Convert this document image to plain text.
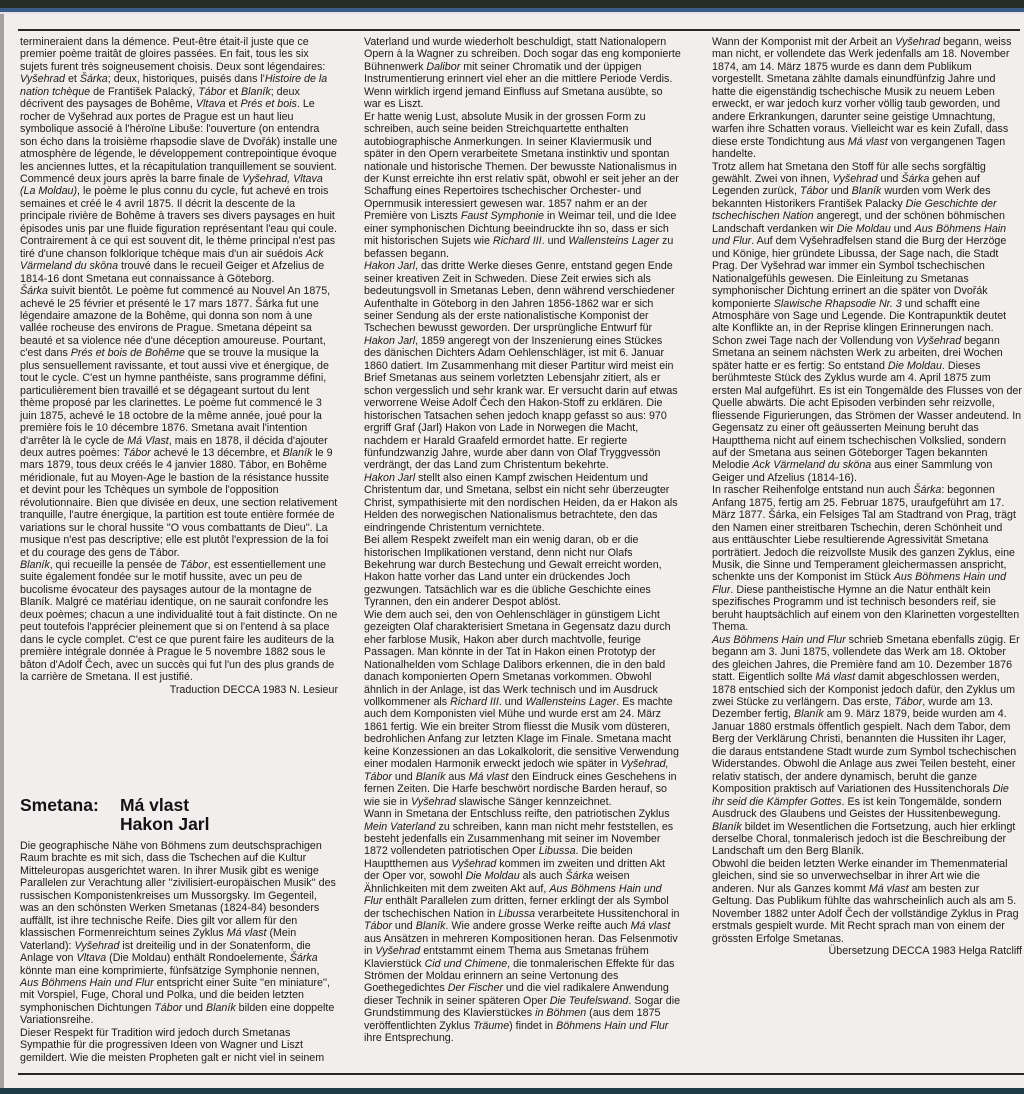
termineraient dans la démence. Peut-être était-il juste que ce premier poème traitât de gloires passées. En fait, tous les six sujets furent très soigneusement choisis. Deux sont légendaires: Vyšehrad et Šárka; deux, historiques, puisés dans l'Histoire de la nation tchèque de František Palacký, Tábor et Blaník; deux décrivent des paysages de Bohême, Vltava et Prés et bois. Le rocher de Vyšehrad aux portes de Prague est un haut lieu symbolique associé à l'héroïne Libuše: l'ouverture (on entendra son écho dans la troisième rhapsodie slave de Dvořák) installe une atmosphère de légende, le développement contrepointique évoque les anciennes luttes, et la récapitulation tranquillement se souvient.

Commencé deux jours après la barre finale de Vyšehrad, Vltava (La Moldau), le poème le plus connu du cycle, fut achevé en trois semaines et créé le 4 avril 1875. Il décrit la descente de la principale rivière de Bohême à travers ses divers paysages en huit épisodes unis par une fluide figuration représentant l'eau qui coule. Contrairement à ce qui est souvent dit, le thème principal n'est pas tiré d'une chanson folklorique tchèque mais d'un air suédois Ack Värmeland du skōna trouvé dans le recueil Geiger et Afzelius de 1814-16 dont Smetana eut connaissance à Göteborg.

Šárka suivit bientôt. Le poème fut commencé au Nouvel An 1875, achevé le 25 février et présenté le 17 mars 1877. Šárka fut une légendaire amazone de la Bohême, qui donna son nom à une vallée rocheuse des environs de Prague. Smetana dépeint sa beauté et sa violence née d'une déception amoureuse. Pourtant, c'est dans Prés et bois de Bohême que se trouve la musique la plus sensuellement ravissante, et tout aussi vive et énergique, de tout le cycle. C'est un hymne panthéiste, sans programme défini, particulièrement bien travaillé et se dégageant surtout du lent thème proposé par les clarinettes. Le poème fut commencé le 3 juin 1875, achevé le 18 octobre de la même année, joué pour la première fois le 10 décembre 1876. Smetana avait l'intention d'arrêter là le cycle de Má Vlast, mais en 1878, il décida d'ajouter deux autres poèmes: Tábor achevé le 13 décembre, et Blaník le 9 mars 1879, tous deux créés le 4 janvier 1880. Tábor, en Bohême méridionale, fut au Moyen-Age le bastion de la résistance hussite et devint pour les Tchèques un symbole de l'opposition révolutionnaire. Bien que divisée en deux, une section relativement tranquille, l'autre énergique, la partition est toute entière formée de variations sur le choral hussite ''O vous combattants de Dieu''. La musique n'est pas descriptive; elle est plutôt l'expression de la foi et du courage des gens de Tábor.

Blaník, qui recueille la pensée de Tábor, est essentiellement une suite également fondée sur le motif hussite, avec un peu de bucolisme évocateur des paysages autour de la montagne de Blaník. Malgré ce matériau identique, on ne saurait confondre les deux poèmes; chacun a une individualité tout à fait distincte. On ne peut toutefois l'apprécier pleinement que si on l'entend à sa place dans le cycle complet. C'est ce que purent faire les auditeurs de la première intégrale donnée à Prague le 5 novembre 1882 sous le bâton d'Adolf Čech, avec un succès qui fut l'un des plus grands de la carrière de Smetana. Il est justifié.

Traduction DECCA 1983 N. Lesieur

Smetana:	Má vlast
Hakon Jarl

Die geographische Nähe von Böhmens zum deutschsprachigen Raum brachte es mit sich, dass die Tschechen auf die Kultur Mitteleuropas ausgerichtet waren. In ihrer Musik gibt es wenige Parallelen zur Verachtung aller ''zivilisiert-europäischen Musik'' des russischen Komponistenkreises um Mussorgsky. Im Gegenteil, was an den schönsten Werken Smetanas (1824-84) besonders auffällt, ist ihre technische Reife. Dies gilt vor allem für den klassischen Formenreichtum seines Zyklus Má vlast (Mein Vaterland): Vyšehrad ist dreiteilig und in der Sonatenform, die Anlage von Vltava (Die Moldau) enthält Rondoelemente, Šárka könnte man eine komprimierte, fünfsätzige Symphonie nennen, Aus Böhmens Hain und Flur entspricht einer Suite ''en miniature'', mit Vorspiel, Fuge, Choral und Polka, und die beiden letzten symphonischen Dichtungen Tábor und Blaník bilden eine doppelte Variationsreihe.

Dieser Respekt für Tradition wird jedoch durch Smetanas Sympathie für die progressiven Ideen von Wagner und Liszt gemildert. Wie die meisten Propheten galt er nicht viel in seinem

Vaterland und wurde wiederholt beschuldigt, statt Nationalopern Opern à la Wagner zu schreiben. Doch sogar das eng komponierte Bühnenwerk Dalibor mit seiner Chromatik und der üppigen Instrumentierung erinnert viel eher an die mittlere Periode Verdis. Wenn wirklich irgend jemand Einfluss auf Smetana ausübte, so war es Liszt.

Er hatte wenig Lust, absolute Musik in der grossen Form zu schreiben, auch seine beiden Streichquartette enthalten autobiographische Anmerkungen. In seiner Klaviermusik und später in den Opern verarbeitete Smetana instinktiv und spontan nationale und historische Themen. Der bewusste Nationalismus in der Kunst erreichte ihn erst relativ spät, obwohl er seit jeher an der Schaffung eines Repertoires tschechischer Orchester- und Opernmusik interessiert gewesen war. 1857 nahm er an der Première von Liszts Faust Symphonie in Weimar teil, und die Idee einer symphonischen Dichtung beeindruckte ihn so, dass er sich mit historischen Sujets wie Richard III. und Wallensteins Lager zu befassen begann.

Hakon Jarl, das dritte Werke dieses Genre, entstand gegen Ende seiner kreativen Zeit in Schweden. Diese Zeit erwies sich als bedeutungsvoll in Smetanas Leben, denn während verschiedener Aufenthalte in Göteborg in den Jahren 1856-1862 war er sich seiner Sendung als der erste nationalistische Komponist der Tschechen bewusst geworden. Der ursprüngliche Entwurf für Hakon Jarl, 1859 angeregt von der Inszenierung eines Stückes des dänischen Dichters Adam Oehlenschläger, ist mit 6. Januar 1860 datiert. Im Zusammenhang mit dieser Partitur wird meist ein Brief Smetanas aus seinem vorletzten Lebensjahr zitiert, als er schon vergesslich und sehr krank war. Er versucht darin auf etwas verworrene Weise Adolf Čech den Hakon-Stoff zu erklären. Die historischen Tatsachen sehen jedoch knapp gefasst so aus: 970 ergriff Graf (Jarl) Hakon von Lade in Norwegen die Macht, nachdem er Harald Graafeld ermordet hatte. Er regierte fünfundzwanzig Jahre, wurde aber dann von Olaf Tryggvessön verdrängt, der das Land zum Christentum bekehrte.

Hakon Jarl stellt also einen Kampf zwischen Heidentum und Christentum dar, und Smetana, selbst ein nicht sehr überzeugter Christ, sympathisierte mit den nordischen Heiden, da er Hakon als Helden des norwegischen Nationalismus betrachtete, den das eindringende Christentum vernichtete.

Bei allem Respekt zweifelt man ein wenig daran, ob er die historischen Implikationen verstand, denn nicht nur Olafs Bekehrung war durch Bestechung und Gewalt erreicht worden, Hakon hatte vorher das Land unter ein drückendes Joch gezwungen. Tatsächlich war es die übliche Geschichte eines Tyrannen, den ein anderer Despot ablöst.

Wie dem auch sei, den von Oehlenschläger in günstigem Licht gezeigten Olaf charakterisiert Smetana in Gegensatz dazu durch eher farblose Musik, Hakon aber durch machtvolle, feurige Passagen. Man könnte in der Tat in Hakon einen Prototyp der Nationalhelden vom Schlage Dalibors erkennen, die in den bald danach komponierten Opern Smetanas vorkommen. Obwohl ähnlich in der Anlage, ist das Werk technisch und im Ausdruck vollkommener als Richard III. und Wallensteins Lager. Es machte auch dem Komponisten viel Mühe und wurde erst am 24. März 1861 fertig. Wie ein breiter Strom fliesst die Musik vom düsteren, bedrohlichen Anfang zur letzten Klage im Finale. Smetana macht keine Konzessionen an das Lokalkolorit, die sensitive Verwendung einer modalen Harmonik erweckt jedoch wie später in Vyšehrad, Tábor und Blaník aus Má vlast den Eindruck eines Geschehens in fernen Zeiten. Die Harfe beschwört nordische Barden herauf, so wie sie in Vyšehrad slawische Sänger kennzeichnet.

Wann in Smetana der Entschluss reifte, den patriotischen Zyklus Mein Vaterland zu schreiben, kann man nicht mehr feststellen, es besteht jedenfalls ein Zusammenhang mit seiner im November 1872 vollendeten patriotischen Oper Libussa. Die beiden Hauptthemen aus Vyšehrad kommen im zweiten und dritten Akt der Oper vor, sowohl Die Moldau als auch Šárka weisen Ähnlichkeiten mit dem zweiten Akt auf, Aus Böhmens Hain und Flur enthält Parallelen zum dritten, ferner erklingt der als Symbol der tschechischen Nation in Libussa verarbeitete Hussitenchoral in Tábor und Blaník. Wie andere grosse Werke reifte auch Má vlast aus Ansätzen in mehreren Kompositionen heran. Das Felsenmotiv in Vyšehrad entstammt einem Thema aus Smetanas frühem Klavierstück Cid und Chimene, die tonmalerischen Effekte für das Strömen der Moldau erinnern an seine Vertonung des Goethegedichtes Der Fischer und die viel radikalere Anwendung dieser Technik in seiner späteren Oper Die Teufelswand. Sogar die Grundstimmung des Klavierstückes in Böhmen (aus dem 1875 veröffentlichten Zyklus Träume) findet in Böhmens Hain und Flur ihre Entsprechung.

Wann der Komponist mit der Arbeit an Vyšehrad begann, weiss man nicht, er vollendete das Werk jedenfalls am 18. November 1874, am 14. März 1875 wurde es dann dem Publikum vorgestellt. Smetana zählte damals einundfünfzig Jahre und hatte die eigenständig tschechische Musik zu neuem Leben erweckt, er war jedoch kurz vorher völlig taub geworden, und andere Erkrankungen, darunter seine geistige Umnachtung, warfen ihre Schatten voraus. Vielleicht war es kein Zufall, dass diese erste Tondichtung aus Má vlast von vergangenen Tagen handelte.

Trotz allem hat Smetana den Stoff für alle sechs sorgfältig gewählt. Zwei von ihnen, Vyšehrad und Šárka gehen auf Legenden zurück, Tábor und Blaník wurden vom Werk des bekannten Historikers František Palacky Die Geschichte der tschechischen Nation angeregt, und der schönen böhmischen Landschaft verdanken wir Die Moldau und Aus Böhmens Hain und Flur. Auf dem Vyšehradfelsen stand die Burg der Herzöge und Könige, hier gründete Libussa, der Sage nach, die Stadt Prag. Der Vyšehrad war immer ein Symbol tschechischen Nationalgefühls gewesen. Die Einleitung zu Smetanas symphonischer Dichtung errinert an die später von Dvořák komponierte Slawische Rhapsodie Nr. 3 und schafft eine Atmosphäre von Sage und Legende. Die Kontrapunktik deutet alte Konflikte an, in der Reprise klingen Erinnerungen nach.

Schon zwei Tage nach der Vollendung von Vyšehrad begann Smetana an seinem nächsten Werk zu arbeiten, drei Wochen später hatte er es fertig: So entstand Die Moldau. Dieses berühmteste Stück des Zyklus wurde am 4. April 1875 zum ersten Mal aufgeführt. Es ist ein Tongemälde des Flusses von der Quelle abwärts. Die acht Episoden verbinden sehr reizvolle, fliessende Figurierungen, das Strömen der Wasser andeutend. In Gegensatz zu einer oft geäusserten Meinung beruht das Hauptthema nicht auf einem tschechischen Volkslied, sondern auf der Smetana aus seinen Göteborger Tagen bekannten Melodie Ack Värmeland du sköna aus einer Sammlung von Geiger und Afzelius (1814-16).

In rascher Reihenfolge entstand nun auch Šárka: begonnen Anfang 1875, fertig am 25. Februar 1875, uraufgeführt am 17. März 1877. Šárka, ein Felsiges Tal am Stadtrand von Prag, trägt den Namen einer streitbaren Tschechin, deren Schönheit und aus enttäuschter Liebe resultierende Agressivität Smetana porträtiert. Jedoch die reizvollste Musik des ganzen Zyklus, eine Musik, die Sinne und Temperament gleichermassen anspricht, schenkte uns der Komponist im Stück Aus Böhmens Hain und Flur. Diese pantheistische Hymne an die Natur enthält kein spezifisches Programm und ist technisch besonders reif, sie beruht hauptsächlich auf einem von den Klarinetten vorgestellten Thema.

Aus Böhmens Hain und Flur schrieb Smetana ebenfalls zügig. Er begann am 3. Juni 1875, vollendete das Werk am 18. Oktober des gleichen Jahres, die Première fand am 10. Dezember 1876 statt. Eigentlich sollte Má vlast damit abgeschlossen werden, 1878 entschied sich der Komponist jedoch dafür, den Zyklus um zwei Stücke zu verlängern. Das erste, Tábor, wurde am 13. Dezember fertig, Blaník am 9. März 1879, beide wurden am 4. Januar 1880 erstmals öffentlich gespielt. Nach dem Tabor, dem Berg der Verklärung Christi, benannten die Hussiten ihr Lager, die daraus entstandene Stadt wurde zum Symbol tschechischen Widerstandes. Obwohl die Anlage aus zwei Teilen besteht, einer relativ statisch, der andere dynamisch, beruht die ganze Komposition praktisch auf Variationen des Hussitenchorals Die ihr seid die Kämpfer Gottes. Es ist kein Tongemälde, sondern Ausdruck des Glaubens und Geistes der Hussitenbewegung.

Blaník bildet im Wesentlichen die Fortsetzung, auch hier erklingt derselbe Choral, tonmalerisch jedoch ist die Beschreibung der Landschaft um den Berg Blaník.

Obwohl die beiden letzten Werke einander im Themenmaterial gleichen, sind sie so unverwechselbar in ihrer Art wie die anderen. Nur als Ganzes kommt Má vlast am besten zur Geltung. Das Publikum fühlte das wahrscheinlich auch als am 5. November 1882 unter Adolf Čech der vollständige Zyklus in Prag erstmals gespielt wurde. Mit Recht sprach man von einem der grössten Erfolge Smetanas.

Übersetzung DECCA 1983 Helga Ratcliff
